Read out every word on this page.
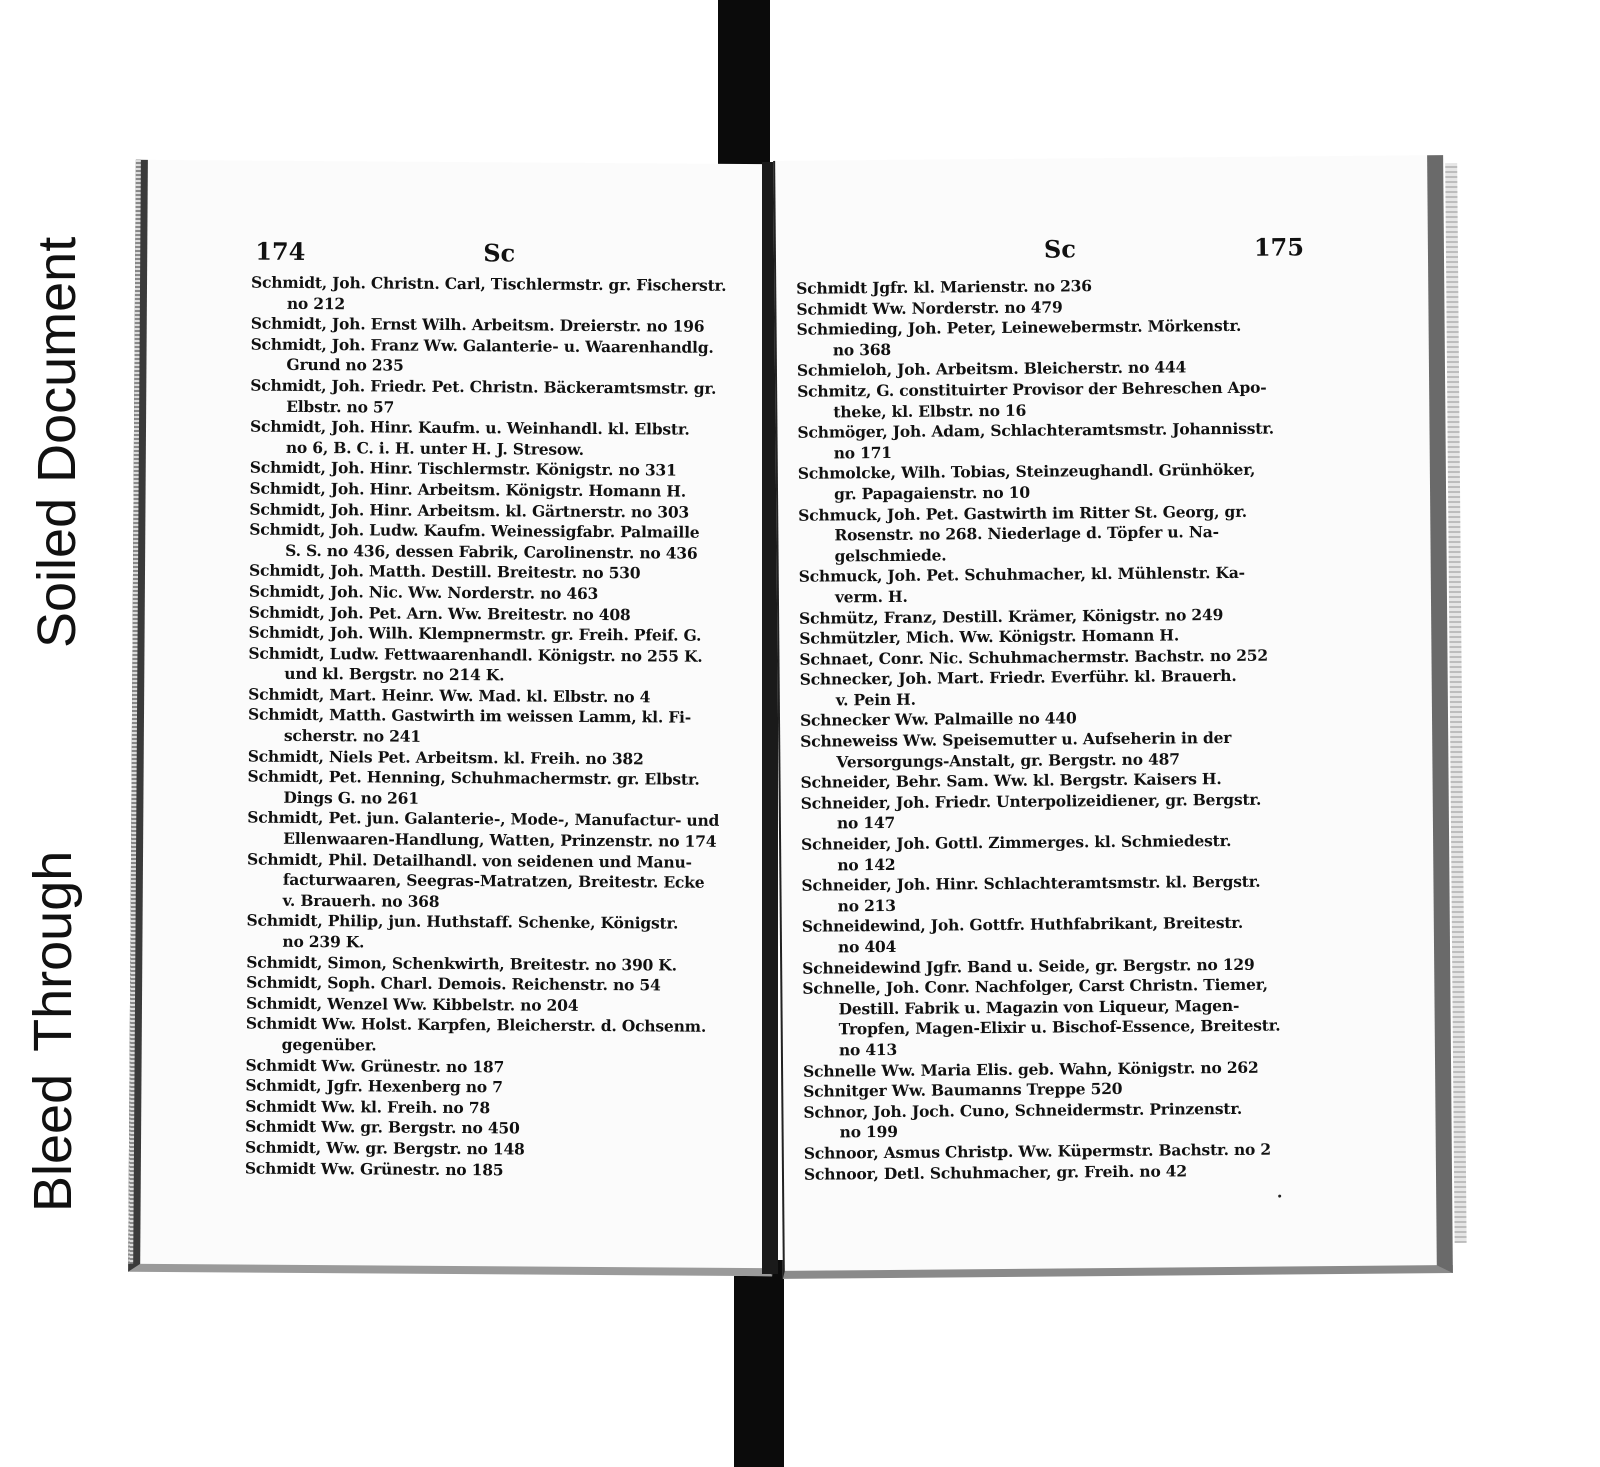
Soiled Document
Bleed Through
174	Sc
Schmidt, Joh. Christn. Carl, Tischlermstr. gr. Fischerstr.
no 212
Schmidt, Joh. Ernst Wilh. Arbeitsm. Dreierstr. no 196
Schmidt, Joh. Franz Ww. Galanterie- u. Waarenhandlg.
Grund no 235
Schmidt, Joh. Friedr. Pet. Christn. Bäckeramtsmstr. gr.
Elbstr. no 57
Schmidt, Joh. Hinr. Kaufm. u. Weinhandl. kl. Elbstr.
no 6, B. C. i. H. unter H. J. Stresow.
Schmidt, Joh. Hinr. Tischlermstr. Königstr. no 331
Schmidt, Joh. Hinr. Arbeitsm. Königstr. Homann H.
Schmidt, Joh. Hinr. Arbeitsm. kl. Gärtnerstr. no 303
Schmidt, Joh. Ludw. Kaufm. Weinessigfabr. Palmaille
S. S. no 436, dessen Fabrik, Carolinenstr. no 436
Schmidt, Joh. Matth. Destill. Breitestr. no 530
Schmidt, Joh. Nic. Ww. Norderstr. no 463
Schmidt, Joh. Pet. Arn. Ww. Breitestr. no 408
Schmidt, Joh. Wilh. Klempnermstr. gr. Freih. Pfeif. G.
Schmidt, Ludw. Fettwaarenhandl. Königstr. no 255 K.
und kl. Bergstr. no 214 K.
Schmidt, Mart. Heinr. Ww. Mad. kl. Elbstr. no 4
Schmidt, Matth. Gastwirth im weissen Lamm, kl. Fi-
scherstr. no 241
Schmidt, Niels Pet. Arbeitsm. kl. Freih. no 382
Schmidt, Pet. Henning, Schuhmachermstr. gr. Elbstr.
Dings G. no 261
Schmidt, Pet. jun. Galanterie-, Mode-, Manufactur- und
Ellenwaaren-Handlung, Watten, Prinzenstr. no 174
Schmidt, Phil. Detailhandl. von seidenen und Manu-
facturwaaren, Seegras-Matratzen, Breitestr. Ecke
v. Brauerh. no 368
Schmidt, Philip, jun. Huthstaff. Schenke, Königstr.
no 239 K.
Schmidt, Simon, Schenkwirth, Breitestr. no 390 K.
Schmidt, Soph. Charl. Demois. Reichenstr. no 54
Schmidt, Wenzel Ww. Kibbelstr. no 204
Schmidt Ww. Holst. Karpfen, Bleicherstr. d. Ochsenm.
gegenüber.
Schmidt Ww. Grünestr. no 187
Schmidt, Jgfr. Hexenberg no 7
Schmidt Ww. kl. Freih. no 78
Schmidt Ww. gr. Bergstr. no 450
Schmidt, Ww. gr. Bergstr. no 148
Schmidt Ww. Grünestr. no 185
Sc	175
Schmidt Jgfr. kl. Marienstr. no 236
Schmidt Ww. Norderstr. no 479
Schmieding, Joh. Peter, Leinewebermstr. Mörkenstr.
no 368
Schmieloh, Joh. Arbeitsm. Bleicherstr. no 444
Schmitz, G. constituirter Provisor der Behreschen Apo-
theke, kl. Elbstr. no 16
Schmöger, Joh. Adam, Schlachteramtsmstr. Johannisstr.
no 171
Schmolcke, Wilh. Tobias, Steinzeughandl. Grünhöker,
gr. Papagaienstr. no 10
Schmuck, Joh. Pet. Gastwirth im Ritter St. Georg, gr.
Rosenstr. no 268. Niederlage d. Töpfer u. Na-
gelschmiede.
Schmuck, Joh. Pet. Schuhmacher, kl. Mühlenstr. Ka-
verm. H.
Schmütz, Franz, Destill. Krämer, Königstr. no 249
Schmützler, Mich. Ww. Königstr. Homann H.
Schnaet, Conr. Nic. Schuhmachermstr. Bachstr. no 252
Schnecker, Joh. Mart. Friedr. Everführ. kl. Brauerh.
v. Pein H.
Schnecker Ww. Palmaille no 440
Schneweiss Ww. Speisemutter u. Aufseherin in der
Versorgungs-Anstalt, gr. Bergstr. no 487
Schneider, Behr. Sam. Ww. kl. Bergstr. Kaisers H.
Schneider, Joh. Friedr. Unterpolizeidiener, gr. Bergstr.
no 147
Schneider, Joh. Gottl. Zimmerges. kl. Schmiedestr.
no 142
Schneider, Joh. Hinr. Schlachteramtsmstr. kl. Bergstr.
no 213
Schneidewind, Joh. Gottfr. Huthfabrikant, Breitestr.
no 404
Schneidewind Jgfr. Band u. Seide, gr. Bergstr. no 129
Schnelle, Joh. Conr. Nachfolger, Carst Christn. Tiemer,
Destill. Fabrik u. Magazin von Liqueur, Magen-
Tropfen, Magen-Elixir u. Bischof-Essence, Breitestr.
no 413
Schnelle Ww. Maria Elis. geb. Wahn, Königstr. no 262
Schnitger Ww. Baumanns Treppe 520
Schnor, Joh. Joch. Cuno, Schneidermstr. Prinzenstr.
no 199
Schnoor, Asmus Christp. Ww. Küpermstr. Bachstr. no 2
Schnoor, Detl. Schuhmacher, gr. Freih. no 42
